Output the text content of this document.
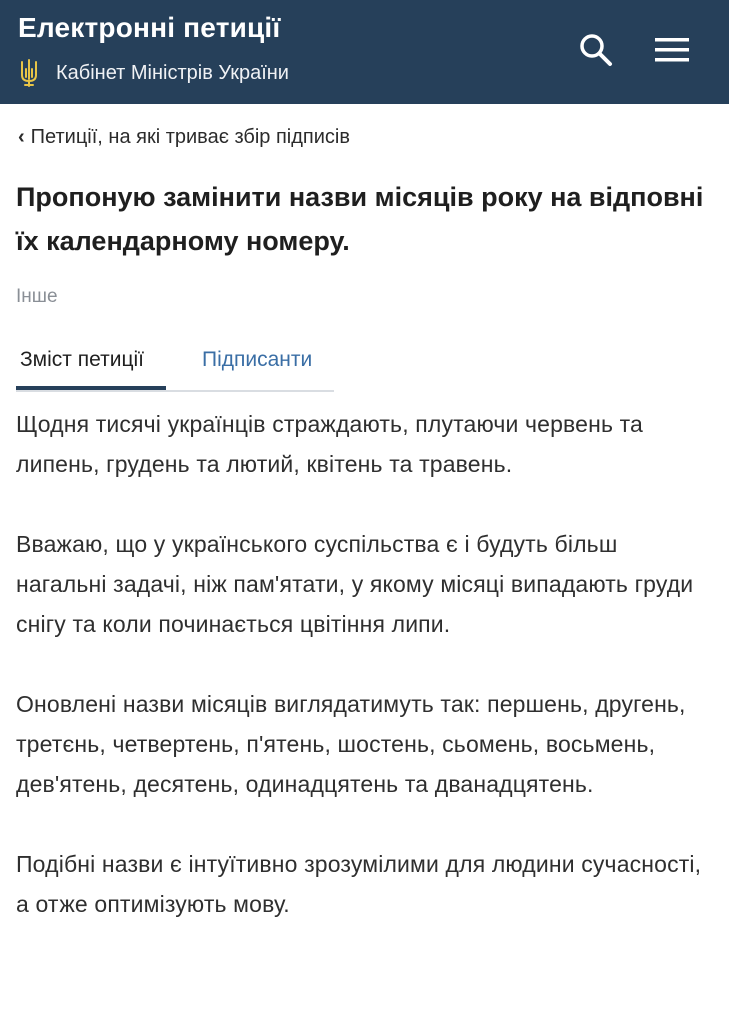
Електронні петиції
Кабінет Міністрів України
‹ Петиції, на які триває збір підписів
Пропоную замінити назви місяців року на відповні їх календарному номеру.
Інше
Зміст петиції	Підписанти

Щодня тисячі українців страждають, плутаючи червень та липень, грудень та лютий, квітень та травень.

Вважаю, що у українського суспільства є і будуть більш нагальні задачі, ніж пам'ятати, у якому місяці випадають груди снігу та коли починається цвітіння липи.

Оновлені назви місяців виглядатимуть так: першень, другень, третєнь, четвертень, п'ятень, шостень, сьомень, восьмень, дев'ятень, десятень, одинадцятень та дванадцятень.

Подібні назви є інтуїтивно зрозумілими для людини сучасності, а отже оптимізують мову.
